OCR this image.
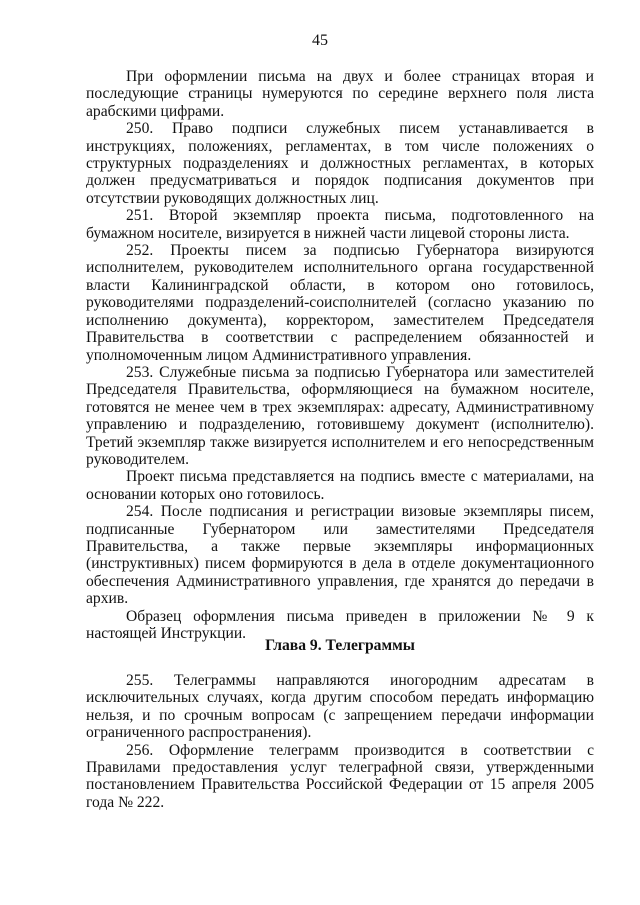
45

При оформлении письма на двух и более страницах вторая и последующие страницы нумеруются по середине верхнего поля листа арабскими цифрами.

250. Право подписи служебных писем устанавливается в инструкциях, положениях, регламентах, в том числе положениях о структурных подразделениях и должностных регламентах, в которых должен предусматриваться и порядок подписания документов при отсутствии руководящих должностных лиц.

251. Второй экземпляр проекта письма, подготовленного на бумажном носителе, визируется в нижней части лицевой стороны листа.

252. Проекты писем за подписью Губернатора визируются исполнителем, руководителем исполнительного органа государственной власти Калининградской области, в котором оно готовилось, руководителями подразделений-соисполнителей (согласно указанию по исполнению документа), корректором, заместителем Председателя Правительства в соответствии с распределением обязанностей и уполномоченным лицом Административного управления.

253. Служебные письма за подписью Губернатора или заместителей Председателя Правительства, оформляющиеся на бумажном носителе, готовятся не менее чем в трех экземплярах: адресату, Административному управлению и подразделению, готовившему документ (исполнителю). Третий экземпляр также визируется исполнителем и его непосредственным руководителем.

Проект письма представляется на подпись вместе с материалами, на основании которых оно готовилось.

254. После подписания и регистрации визовые экземпляры писем, подписанные Губернатором или заместителями Председателя Правительства, а также первые экземпляры информационных (инструктивных) писем формируются в дела в отделе документационного обеспечения Административного управления, где хранятся до передачи в архив.

Образец оформления письма приведен в приложении № 9 к настоящей Инструкции.

Глава 9. Телеграммы

255. Телеграммы направляются иногородним адресатам в исключительных случаях, когда другим способом передать информацию нельзя, и по срочным вопросам (с запрещением передачи информации ограниченного распространения).

256. Оформление телеграмм производится в соответствии с Правилами предоставления услуг телеграфной связи, утвержденными постановлением Правительства Российской Федерации от 15 апреля 2005 года № 222.
